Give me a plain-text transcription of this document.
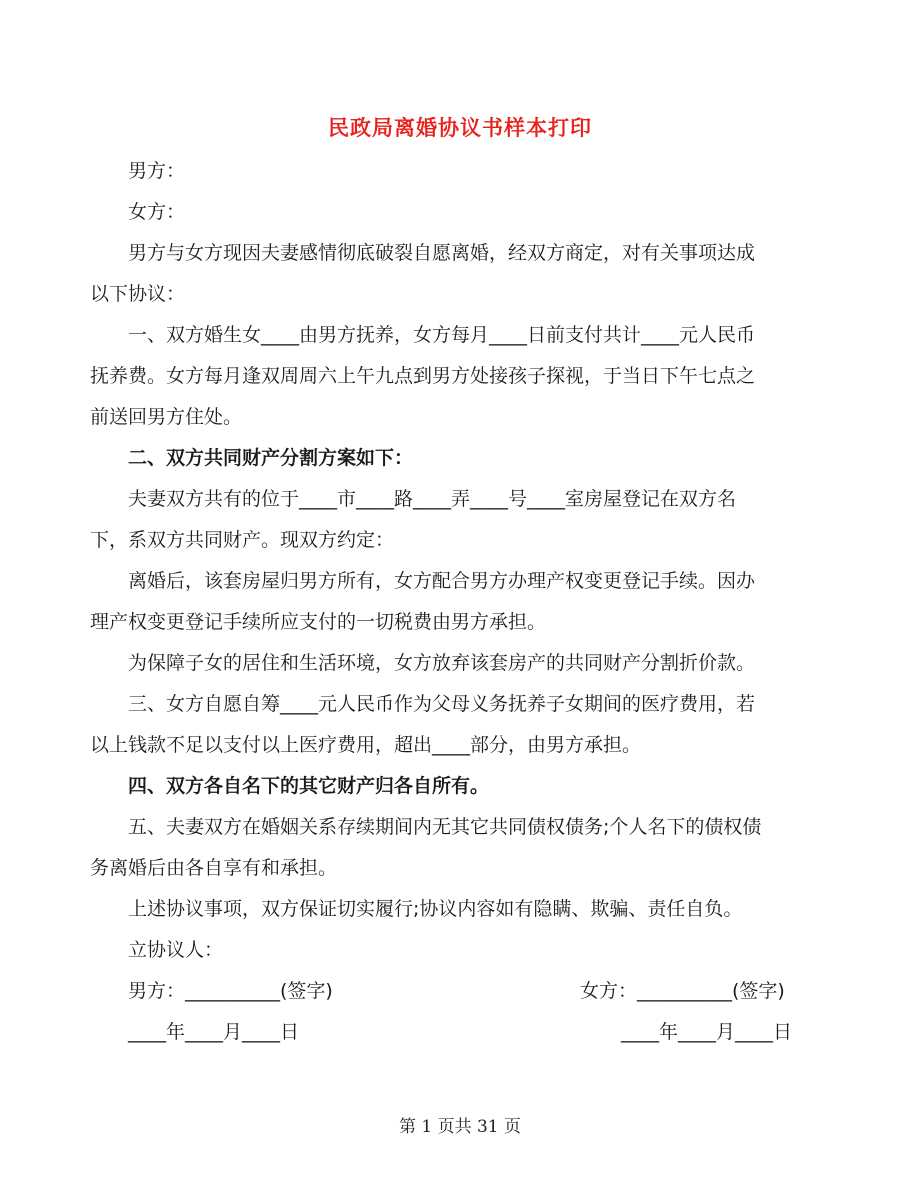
民政局离婚协议书样本打印
男方：
女方：
男方与女方现因夫妻感情彻底破裂自愿离婚，经双方商定，对有关事项达成
以下协议：
一、双方婚生女____由男方抚养，女方每月____日前支付共计____元人民币
抚养费。女方每月逢双周周六上午九点到男方处接孩子探视，于当日下午七点之
前送回男方住处。
二、双方共同财产分割方案如下：
夫妻双方共有的位于____市____路____弄____号____室房屋登记在双方名
下，系双方共同财产。现双方约定：
离婚后，该套房屋归男方所有，女方配合男方办理产权变更登记手续。因办
理产权变更登记手续所应支付的一切税费由男方承担。
为保障子女的居住和生活环境，女方放弃该套房产的共同财产分割折价款。
三、女方自愿自筹____元人民币作为父母义务抚养子女期间的医疗费用，若
以上钱款不足以支付以上医疗费用，超出____部分，由男方承担。
四、双方各自名下的其它财产归各自所有。
五、夫妻双方在婚姻关系存续期间内无其它共同债权债务;个人名下的债权债
务离婚后由各自享有和承担。
上述协议事项，双方保证切实履行;协议内容如有隐瞒、欺骗、责任自负。
立协议人：
男方：__________(签字)	女方：__________(签字)
____年____月____日	____年____月____日
第 1 页共 31 页
